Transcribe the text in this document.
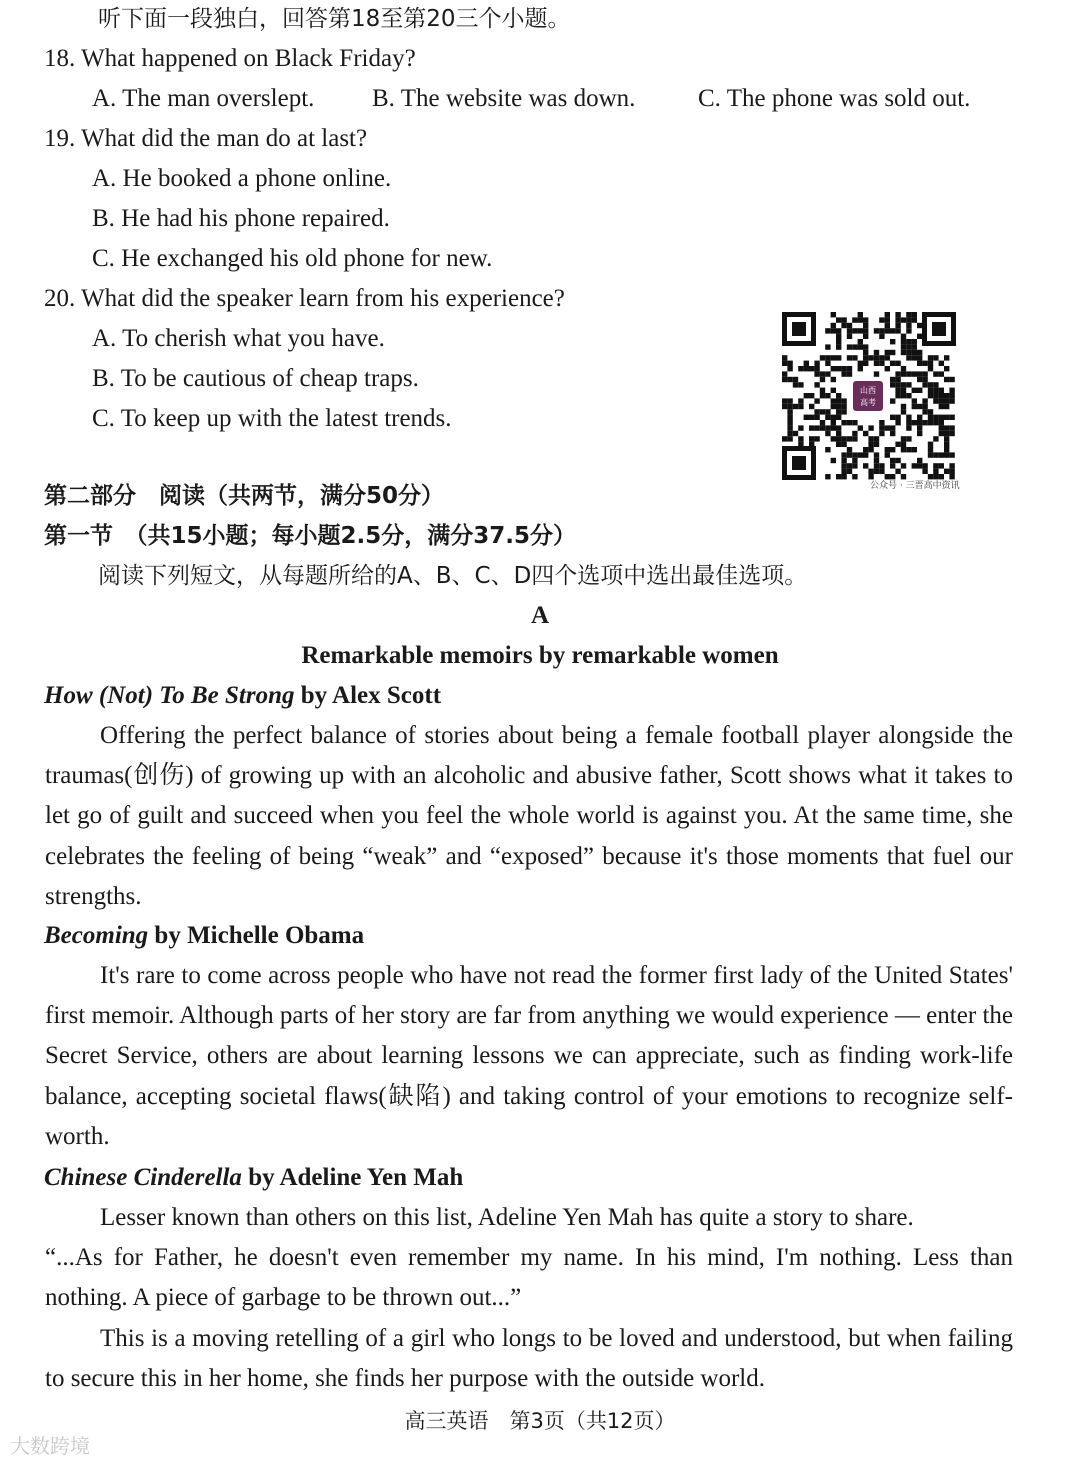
听下面一段独白，回答第18至第20三个小题。
18. What happened on Black Friday?
A. The man overslept. B. The website was down.	C. The phone was sold out.
19. What did the man do at last?
A. He booked a phone online.
B. He had his phone repaired.
C. He exchanged his old phone for new.
20. What did the speaker learn from his experience?
A. To cherish what you have.
B. To be cautious of cheap traps.
C. To keep up with the latest trends.
山西
高考
公众号 · 三晋高中资讯
第二部分　阅读（共两节，满分50分）
第一节　（共15小题；每小题2.5分，满分37.5分）
阅读下列短文，从每题所给的A、B、C、D四个选项中选出最佳选项。
A
Remarkable memoirs by remarkable women
How (Not) To Be Strong by Alex Scott

Offering the perfect balance of stories about being a female football player alongside the traumas(创伤) of growing up with an alcoholic and abusive father, Scott shows what it takes to let go of guilt and succeed when you feel the whole world is against you. At the same time, she celebrates the feeling of being “weak” and “exposed” because it's those moments that fuel our strengths.

Becoming by Michelle Obama

It's rare to come across people who have not read the former first lady of the United States' first memoir. Although parts of her story are far from anything we would experience — enter the Secret Service, others are about learning lessons we can appreciate, such as finding work-life balance, accepting societal flaws(缺陷) and taking control of your emotions to recognize self-worth.

Chinese Cinderella by Adeline Yen Mah

Lesser known than others on this list, Adeline Yen Mah has quite a story to share.

“...As for Father, he doesn't even remember my name. In his mind, I'm nothing. Less than nothing. A piece of garbage to be thrown out...”

This is a moving retelling of a girl who longs to be loved and understood, but when failing to secure this in her home, she finds her purpose with the outside world.

高三英语　第3页（共12页）
大数跨境
